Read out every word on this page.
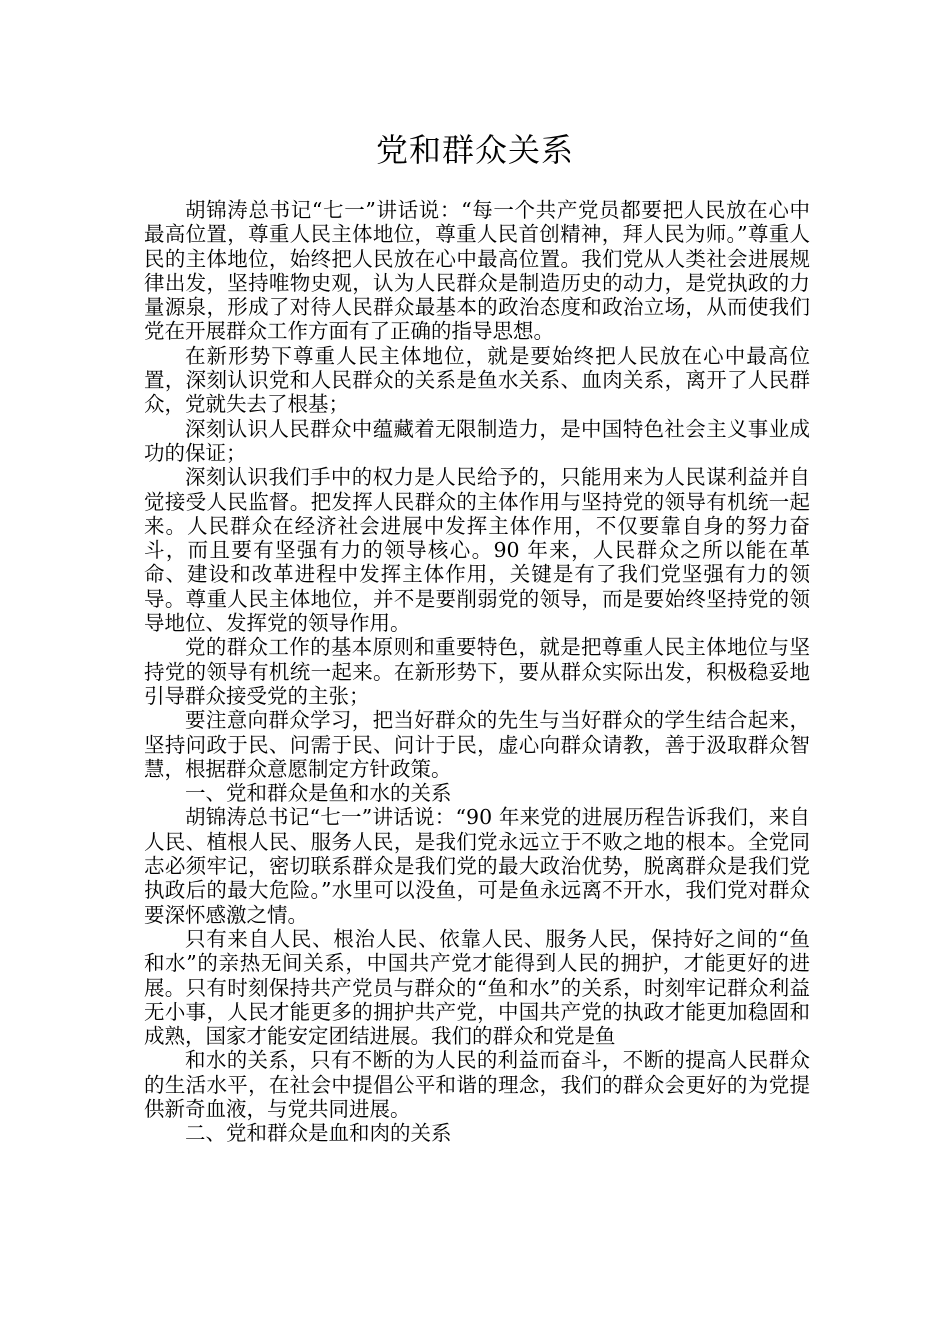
党和群众关系

胡锦涛总书记“七一”讲话说：“每一个共产党员都要把人民放在心中最高位置，尊重人民主体地位，尊重人民首创精神，拜人民为师。”尊重人民的主体地位，始终把人民放在心中最高位置。我们党从人类社会进展规律出发，坚持唯物史观，认为人民群众是制造历史的动力，是党执政的力量源泉，形成了对待人民群众最基本的政治态度和政治立场，从而使我们党在开展群众工作方面有了正确的指导思想。

在新形势下尊重人民主体地位，就是要始终把人民放在心中最高位置，深刻认识党和人民群众的关系是鱼水关系、血肉关系，离开了人民群众，党就失去了根基；

深刻认识人民群众中蕴藏着无限制造力，是中国特色社会主义事业成功的保证；

深刻认识我们手中的权力是人民给予的，只能用来为人民谋利益并自觉接受人民监督。把发挥人民群众的主体作用与坚持党的领导有机统一起来。人民群众在经济社会进展中发挥主体作用，不仅要靠自身的努力奋斗，而且要有坚强有力的领导核心。90 年来，人民群众之所以能在革命、建设和改革进程中发挥主体作用，关键是有了我们党坚强有力的领导。尊重人民主体地位，并不是要削弱党的领导，而是要始终坚持党的领导地位、发挥党的领导作用。

党的群众工作的基本原则和重要特色，就是把尊重人民主体地位与坚持党的领导有机统一起来。在新形势下，要从群众实际出发，积极稳妥地引导群众接受党的主张；

要注意向群众学习，把当好群众的先生与当好群众的学生结合起来，坚持问政于民、问需于民、问计于民，虚心向群众请教，善于汲取群众智慧，根据群众意愿制定方针政策。

一、党和群众是鱼和水的关系

胡锦涛总书记“七一”讲话说：“90 年来党的进展历程告诉我们，来自人民、植根人民、服务人民，是我们党永远立于不败之地的根本。全党同志必须牢记，密切联系群众是我们党的最大政治优势，脱离群众是我们党执政后的最大危险。”水里可以没鱼，可是鱼永远离不开水，我们党对群众要深怀感激之情。

只有来自人民、根治人民、依靠人民、服务人民，保持好之间的“鱼和水”的亲热无间关系，中国共产党才能得到人民的拥护，才能更好的进展。只有时刻保持共产党员与群众的“鱼和水”的关系，时刻牢记群众利益无小事，人民才能更多的拥护共产党，中国共产党的执政才能更加稳固和成熟，国家才能安定团结进展。我们的群众和党是鱼

和水的关系，只有不断的为人民的利益而奋斗，不断的提高人民群众的生活水平，在社会中提倡公平和谐的理念，我们的群众会更好的为党提供新奇血液，与党共同进展。

二、党和群众是血和肉的关系
